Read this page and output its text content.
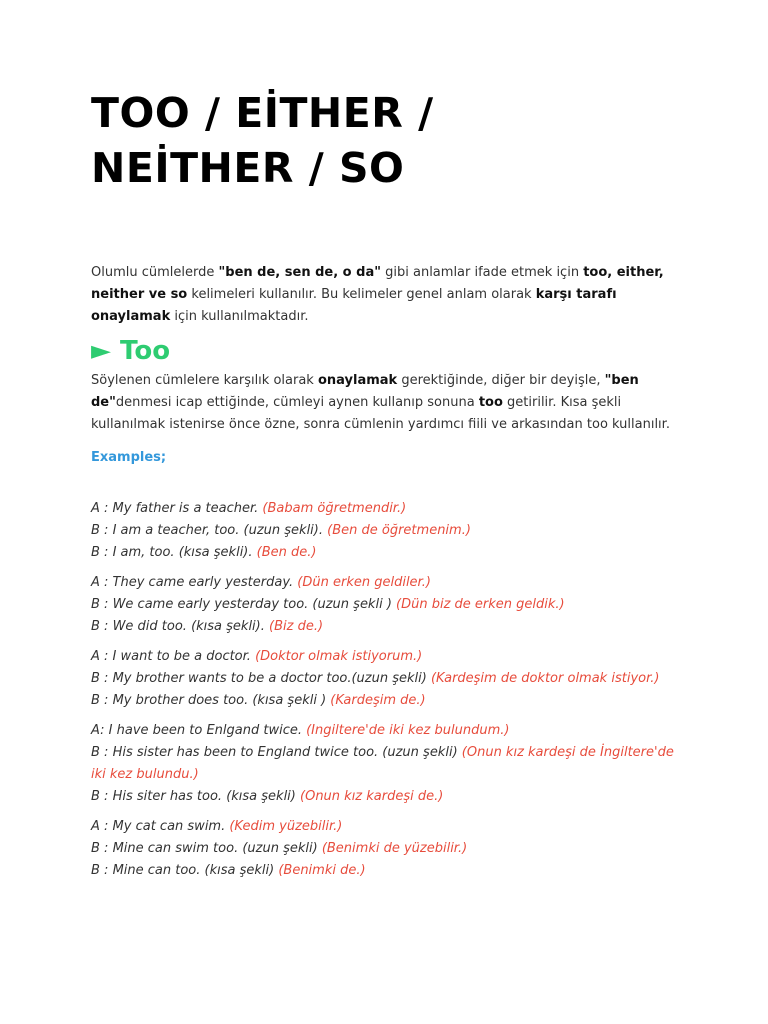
TOO / EİTHER /
NEİTHER / SO

Olumlu cümlelerde "ben de, sen de, o da" gibi anlamlar ifade etmek için too, either, neither ve so kelimeleri kullanılır. Bu kelimeler genel anlam olarak karşı tarafı onaylamak için kullanılmaktadır.

► Too

Söylenen cümlelere karşılık olarak onaylamak gerektiğinde, diğer bir deyişle, "ben de"denmesi icap ettiğinde, cümleyi aynen kullanıp sonuna too getirilir. Kısa şekli kullanılmak istenirse önce özne, sonra cümlenin yardımcı fiili ve arkasından too kullanılır.

Examples;
A : My father is a teacher. (Babam öğretmendir.)
B : I am a teacher, too. (uzun şekli). (Ben de öğretmenim.)
B : I am, too. (kısa şekli). (Ben de.)
A : They came early yesterday. (Dün erken geldiler.)
B : We came early yesterday too. (uzun şekli ) (Dün biz de erken geldik.)
B : We did too. (kısa şekli). (Biz de.)
A : I want to be a doctor. (Doktor olmak istiyorum.)
B : My brother wants to be a doctor too.(uzun şekli) (Kardeşim de doktor olmak istiyor.)
B : My brother does too. (kısa şekli ) (Kardeşim de.)
A: I have been to Enlgand twice. (Ingiltere'de iki kez bulundum.)
B : His sister has been to England twice too. (uzun şekli) (Onun kız kardeşi de İngiltere'de iki kez bulundu.)
B : His siter has too. (kısa şekli) (Onun kız kardeşi de.)
A : My cat can swim. (Kedim yüzebilir.)
B : Mine can swim too. (uzun şekli) (Benimki de yüzebilir.)
B : Mine can too. (kısa şekli) (Benimki de.)
